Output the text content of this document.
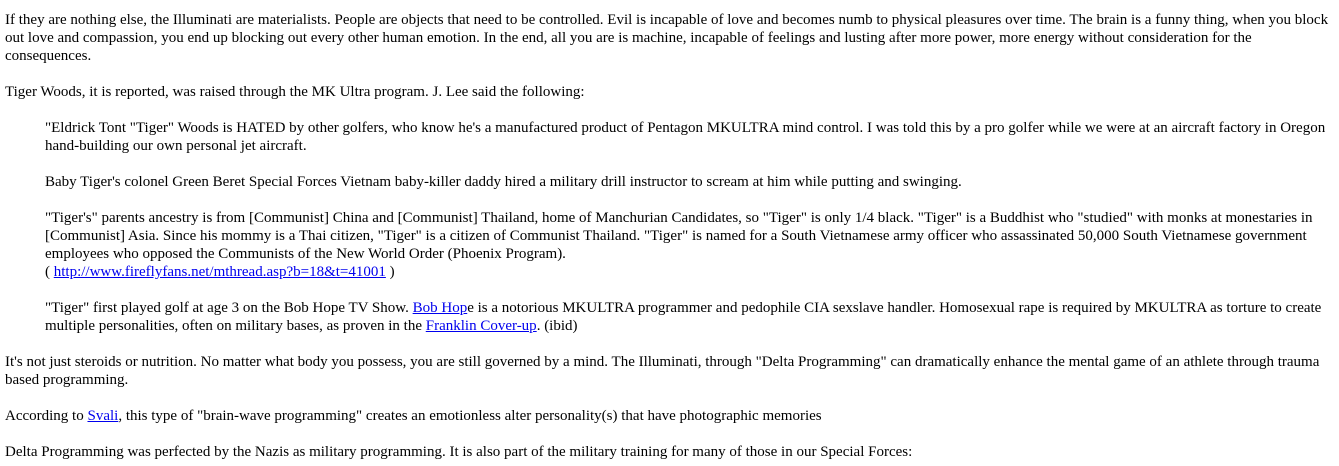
If they are nothing else, the Illuminati are materialists. People are objects that need to be controlled. Evil is incapable of love and becomes numb to physical pleasures over time. The brain is a funny thing, when you block out love and compassion, you end up blocking out every other human emotion. In the end, all you are is machine, incapable of feelings and lusting after more power, more energy without consideration for the consequences.

Tiger Woods, it is reported, was raised through the MK Ultra program. J. Lee said the following:

"Eldrick Tont "Tiger" Woods is HATED by other golfers, who know he's a manufactured product of Pentagon MKULTRA mind control. I was told this by a pro golfer while we were at an aircraft factory in Oregon hand-building our own personal jet aircraft.

Baby Tiger's colonel Green Beret Special Forces Vietnam baby-killer daddy hired a military drill instructor to scream at him while putting and swinging.

"Tiger's" parents ancestry is from [Communist] China and [Communist] Thailand, home of Manchurian Candidates, so "Tiger" is only 1/4 black. "Tiger" is a Buddhist who "studied" with monks at monestaries in [Communist] Asia. Since his mommy is a Thai citizen, "Tiger" is a citizen of Communist Thailand. "Tiger" is named for a South Vietnamese army officer who assassinated 50,000 South Vietnamese government employees who opposed the Communists of the New World Order (Phoenix Program).
( http://www.fireflyfans.net/mthread.asp?b=18&t=41001 )

"Tiger" first played golf at age 3 on the Bob Hope TV Show. Bob Hope is a notorious MKULTRA programmer and pedophile CIA sexslave handler. Homosexual rape is required by MKULTRA as torture to create multiple personalities, often on military bases, as proven in the Franklin Cover-up. (ibid)

It's not just steroids or nutrition. No matter what body you possess, you are still governed by a mind. The Illuminati, through "Delta Programming" can dramatically enhance the mental game of an athlete through trauma based programming.

According to Svali, this type of "brain-wave programming" creates an emotionless alter personality(s) that have photographic memories

Delta Programming was perfected by the Nazis as military programming. It is also part of the military training for many of those in our Special Forces:
